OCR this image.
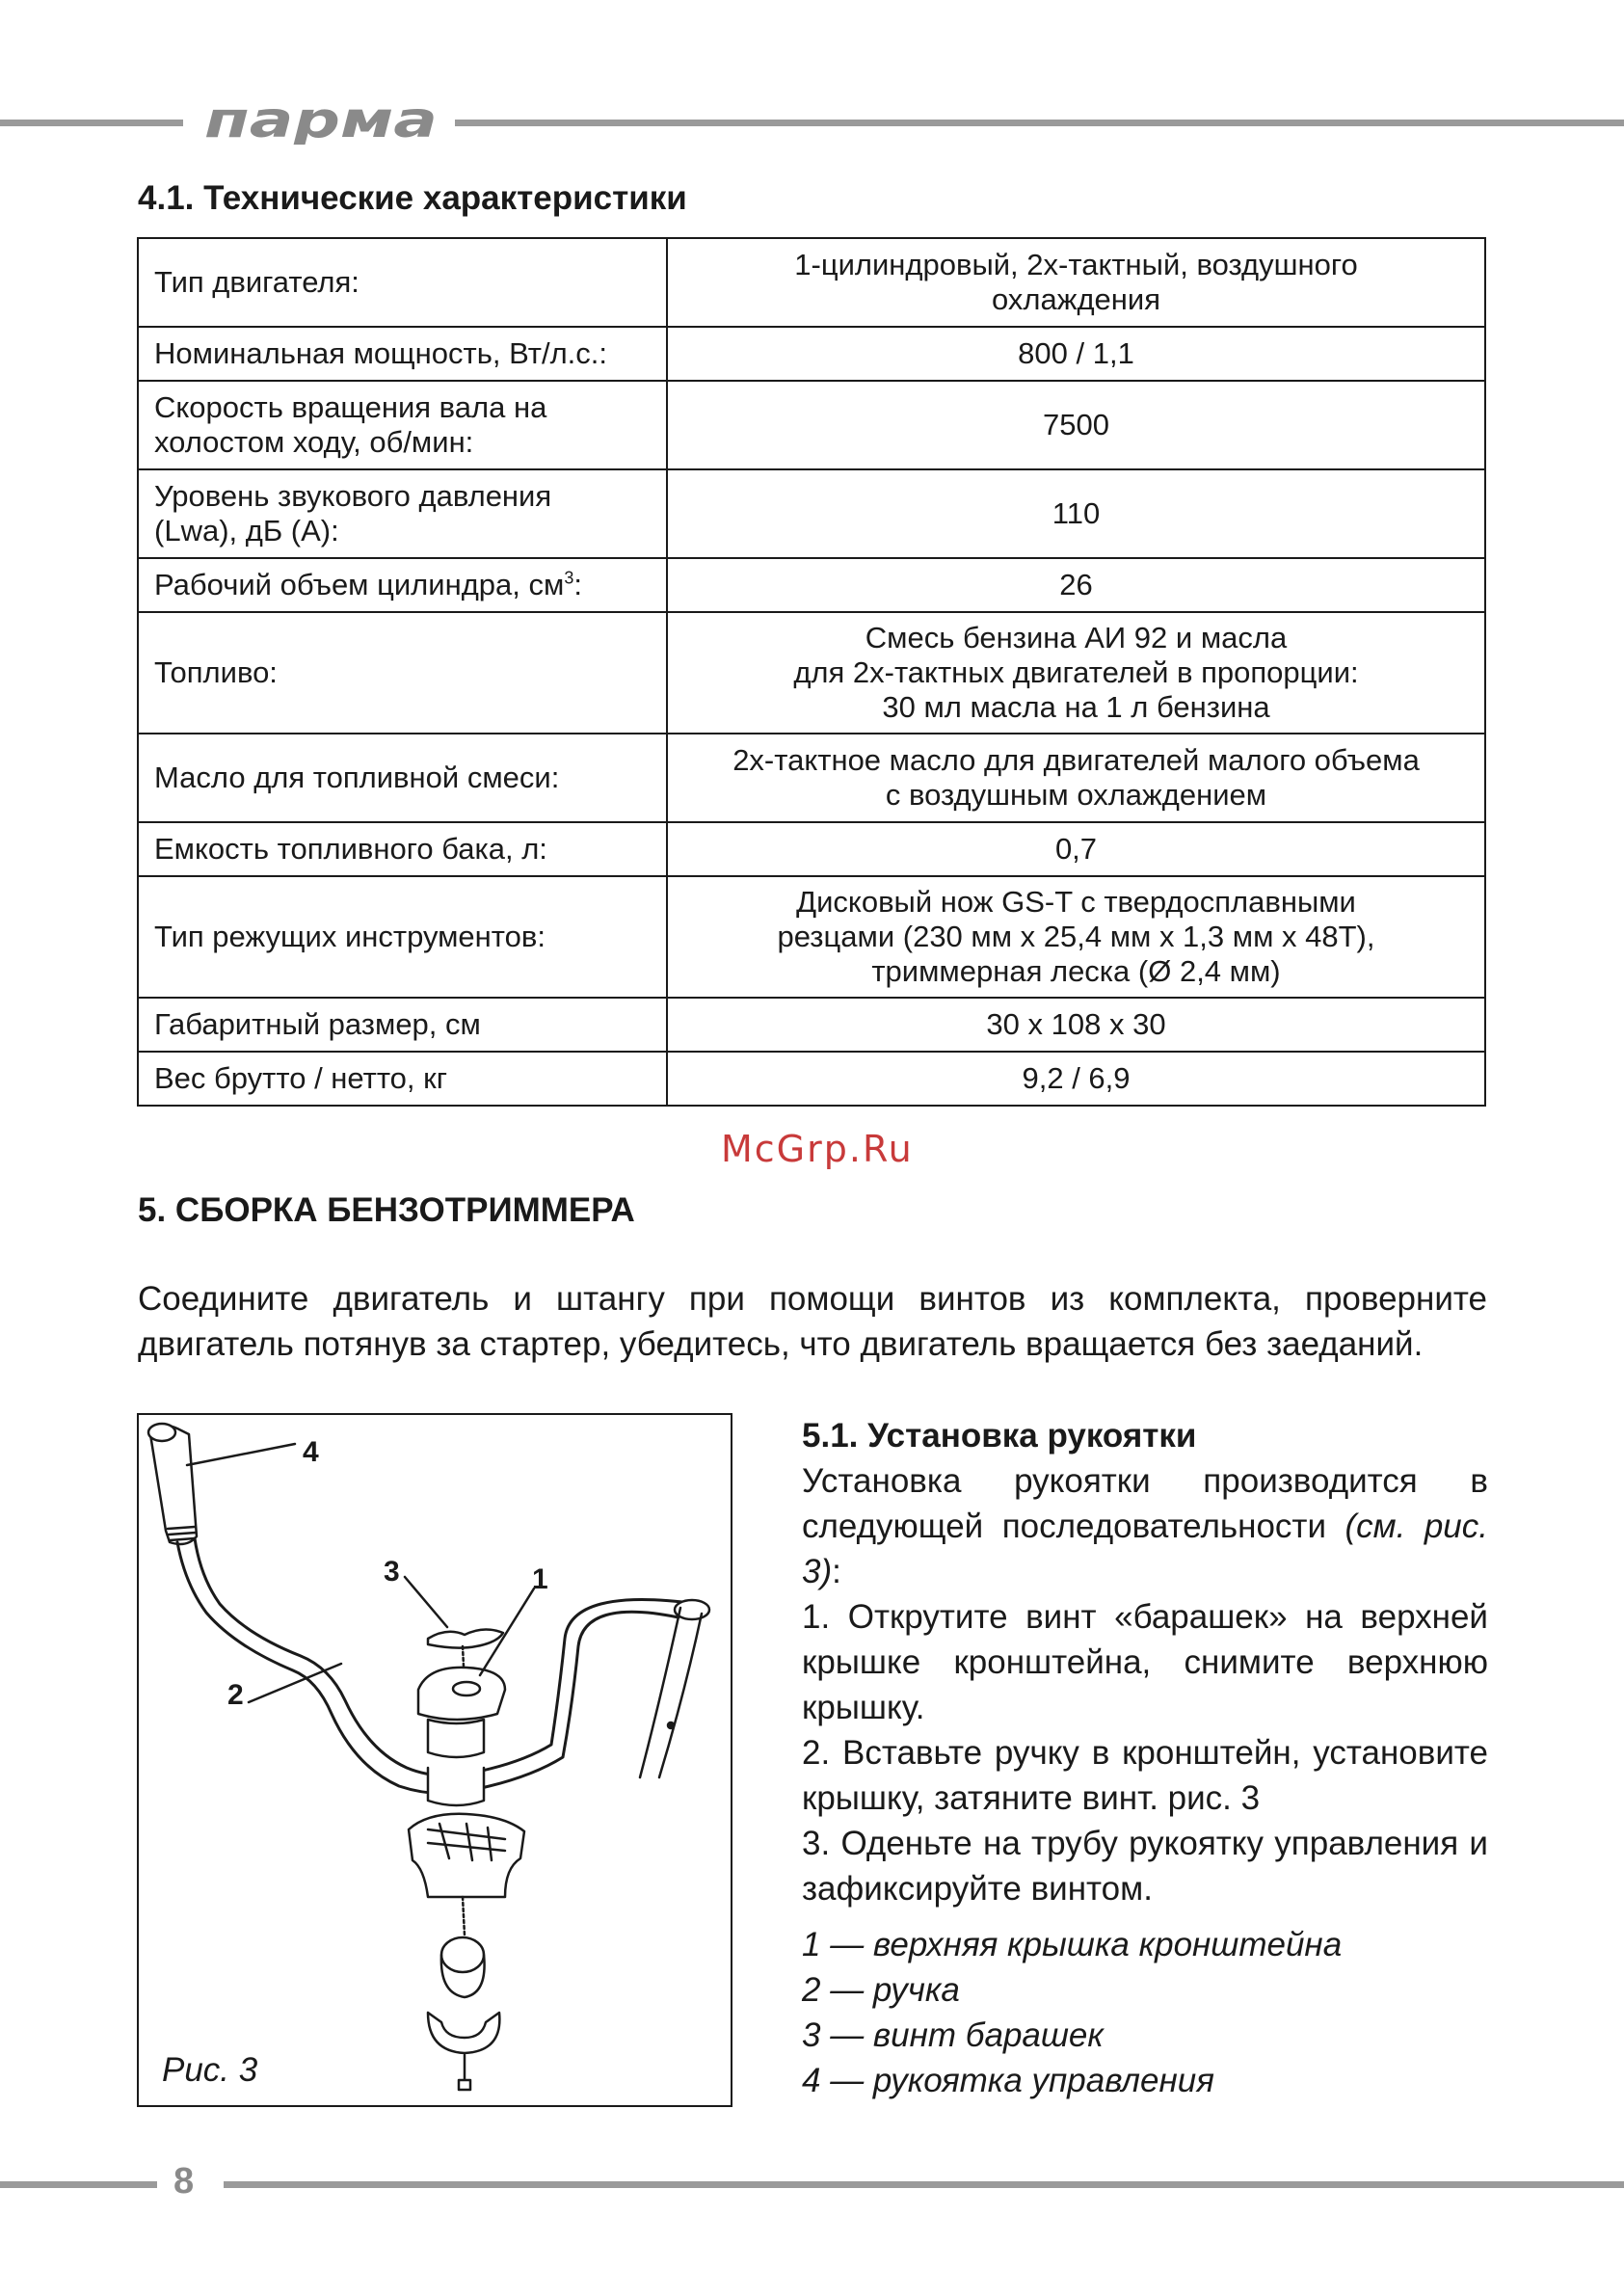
парма
4.1. Технические характеристики
Тип двигателя:	1-цилиндровый, 2х-тактный, воздушного
охлаждения
Номинальная мощность, Вт/л.с.:	800 / 1,1
Скорость вращения вала на
холостом ходу, об/мин:	7500
Уровень звукового давления
(Lwa), дБ (А):	110
Рабочий объем цилиндра, $см^3$:	26
Топливо:	Смесь бензина АИ 92 и масла
для 2х-тактных двигателей в пропорции:
30 мл масла на 1 л бензина
Масло для топливной смеси:	2х-тактное масло для двигателей малого объема
с воздушным охлаждением
Емкость топливного бака, л:	0,7
Тип режущих инструментов:	Дисковый нож GS-T с твердосплавными
резцами (230 мм х 25,4 мм х 1,3 мм х 48Т),
триммерная леска (Ø 2,4 мм)
Габаритный размер, см	30 х 108 х 30
Вес брутто / нетто, кг	9,2 / 6,9
McGrp.Ru
5. СБОРКА БЕНЗОТРИММЕРА

Соедините двигатель и штангу при помощи винтов из комплекта, проверните двигатель потянув за стартер, убедитесь, что двигатель вращается без заеданий.

4
3	1
2
Рис. 3
5.1. Установка рукоятки
Установка рукоятки производится в следующей последовательности (см. рис. 3):
1. Открутите винт «барашек» на верхней крышке кронштейна, снимите верхнюю крышку.
2. Вставьте ручку в кронштейн, установите крышку, затяните винт. рис. 3
3. Оденьте на трубу рукоятку управления и зафиксируйте винтом.

1 — верхняя крышка кронштейна

2 — ручка

3 — винт барашек

4 — рукоятка управления

8
